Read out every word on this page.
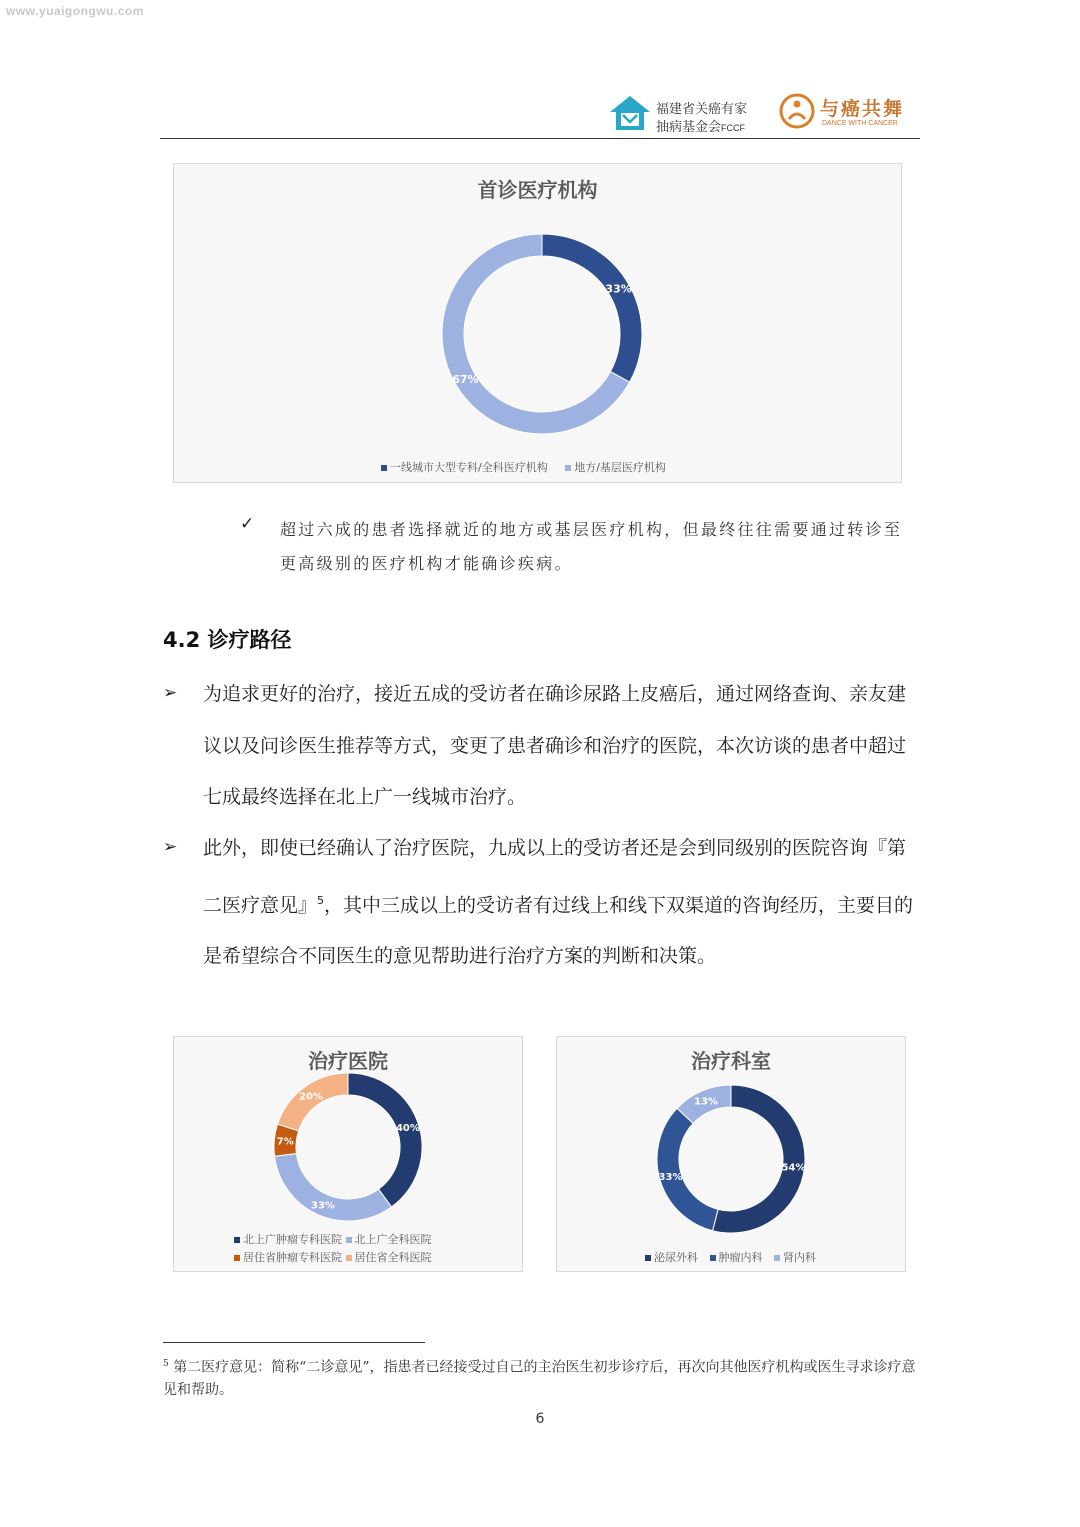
www.yuaigongwu.com
福建省关癌有家
抽病基金会FCCF
与癌共舞
DANCE WITH CANCER
首诊医疗机构
33%
67%
一线城市大型专科/全科医疗机构 地方/基层医疗机构
✓ 超过六成的患者选择就近的地方或基层医疗机构，但最终往往需要通过转诊至更高级别的医疗机构才能确诊疾病。
4.2 诊疗路径
➢ 为追求更好的治疗，接近五成的受访者在确诊尿路上皮癌后，通过网络查询、亲友建议以及问诊医生推荐等方式，变更了患者确诊和治疗的医院，本次访谈的患者中超过七成最终选择在北上广一线城市治疗。
➢ 此外，即使已经确认了治疗医院，九成以上的受访者还是会到同级别的医院咨询『第二医疗意见』$^5$，其中三成以上的受访者有过线上和线下双渠道的咨询经历，主要目的是希望综合不同医生的意见帮助进行治疗方案的判断和决策。
治疗医院
40%
33%
7%
20%
北上广肿瘤专科医院 北上广全科医院
居住省肿瘤专科医院 居住省全科医院
治疗科室
54%
33%
13%
泌尿外科 肿瘤内科 肾内科
$^5$ 第二医疗意见：简称“二诊意见”，指患者已经接受过自己的主治医生初步诊疗后，再次向其他医疗机构或医生寻求诊疗意见和帮助。
6
